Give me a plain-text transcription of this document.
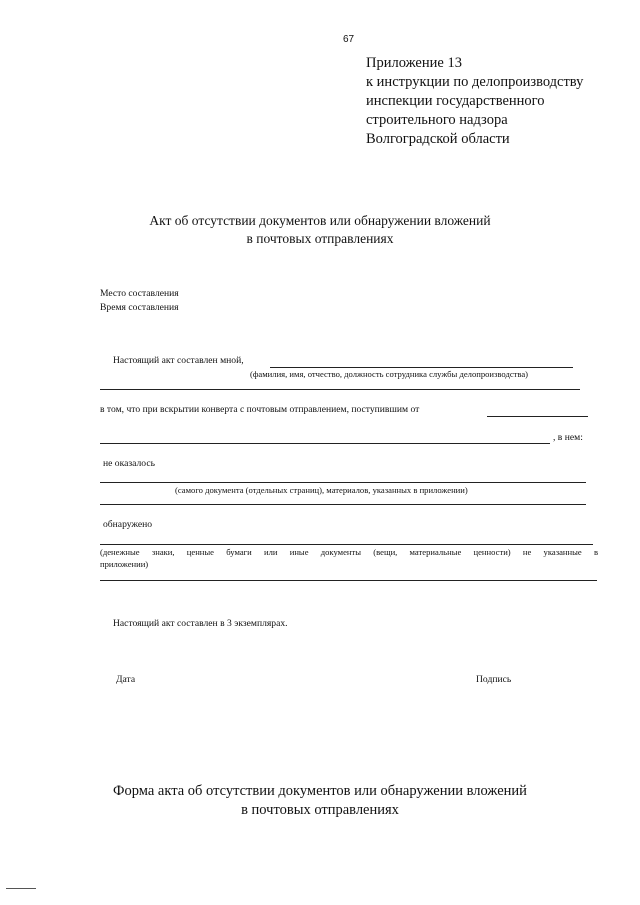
67
Приложение 13
к инструкции по делопроизводству
инспекции государственного
строительного надзора
Волгоградской области
Акт об отсутствии документов или обнаружении вложений
в почтовых отправлениях
Место составления
Время составления
Настоящий акт составлен мной,
(фамилия, имя, отчество, должность сотрудника службы делопроизводства)
в том, что при вскрытии конверта с почтовым отправлением, поступившим от
, в нем:
не оказалось
(самого документа (отдельных страниц), материалов, указанных в приложении)
обнаружено
(денежные знаки, ценные бумаги или иные документы (вещи, материальные ценности) не указанные в
приложении)
Настоящий акт составлен в 3 экземплярах.
Дата	Подпись
Форма акта об отсутствии документов или обнаружении вложений
в почтовых отправлениях
